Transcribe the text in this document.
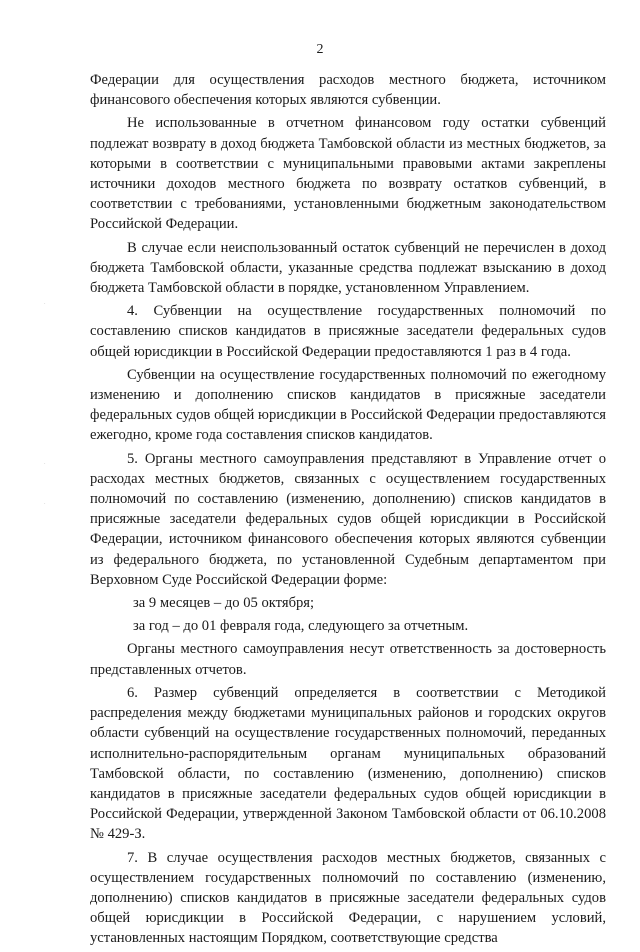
2
.
.
.

Федерации для осуществления расходов местного бюджета, источником финансового обеспечения которых являются субвенции.

Не использованные в отчетном финансовом году остатки субвенций подлежат возврату в доход бюджета Тамбовской области из местных бюджетов, за которыми в соответствии с муниципальными правовыми актами закреплены источники доходов местного бюджета по возврату остатков субвенций, в соответствии с требованиями, установленными бюджетным законодательством Российской Федерации.

В случае если неиспользованный остаток субвенций не перечислен в доход бюджета Тамбовской области, указанные средства подлежат взысканию в доход бюджета Тамбовской области в порядке, установленном Управлением.

4. Субвенции на осуществление государственных полномочий по составлению списков кандидатов в присяжные заседатели федеральных судов общей юрисдикции в Российской Федерации предоставляются 1 раз в 4 года.

Субвенции на осуществление государственных полномочий по ежегодному изменению и дополнению списков кандидатов в присяжные заседатели федеральных судов общей юрисдикции в Российской Федерации предоставляются ежегодно, кроме года составления списков кандидатов.

5. Органы местного самоуправления представляют в Управление отчет о расходах местных бюджетов, связанных с осуществлением государственных полномочий по составлению (изменению, дополнению) списков кандидатов в присяжные заседатели федеральных судов общей юрисдикции в Российской Федерации, источником финансового обеспечения которых являются субвенции из федерального бюджета, по установленной Судебным департаментом при Верховном Суде Российской Федерации форме:

за 9 месяцев – до 05 октября;

за год – до 01 февраля года, следующего за отчетным.

Органы местного самоуправления несут ответственность за достоверность представленных отчетов.

6. Размер субвенций определяется в соответствии с Методикой распределения между бюджетами муниципальных районов и городских округов области субвенций на осуществление государственных полномочий, переданных исполнительно-распорядительным органам муниципальных образований Тамбовской области, по составлению (изменению, дополнению) списков кандидатов в присяжные заседатели федеральных судов общей юрисдикции в Российской Федерации, утвержденной Законом Тамбовской области от 06.10.2008 № 429-З.

7. В случае осуществления расходов местных бюджетов, связанных с осуществлением государственных полномочий по составлению (изменению, дополнению) списков кандидатов в присяжные заседатели федеральных судов общей юрисдикции в Российской Федерации, с нарушением условий, установленных настоящим Порядком, соответствующие средства
